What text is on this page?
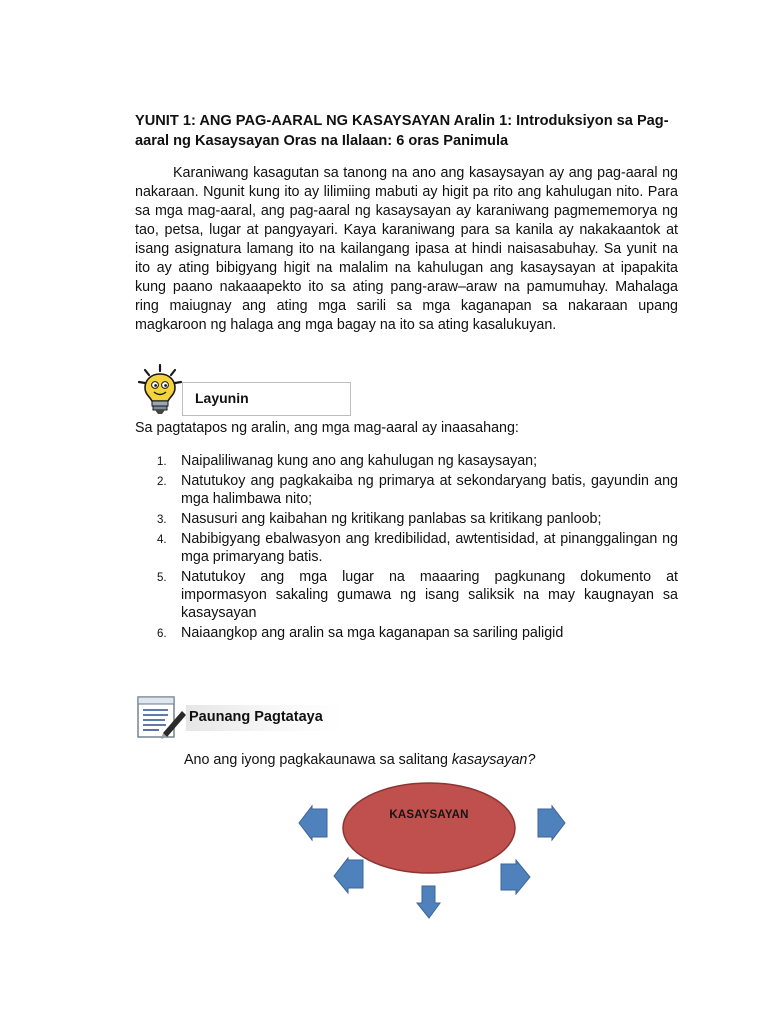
YUNIT 1: ANG PAG-AARAL NG KASAYSAYAN Aralin 1: Introduksiyon sa Pag-aaral ng Kasaysayan Oras na Ilalaan: 6 oras Panimula

Karaniwang kasagutan sa tanong na ano ang kasaysayan ay ang pag-aaral ng nakaraan. Ngunit kung ito ay lilimiing mabuti ay higit pa rito ang kahulugan nito. Para sa mga mag-aaral, ang pag-aaral ng kasaysayan ay karaniwang pagmememorya ng tao, petsa, lugar at pangyayari. Kaya karaniwang para sa kanila ay nakakaantok at isang asignatura lamang ito na kailangang ipasa at hindi naisasabuhay. Sa yunit na ito ay ating bibigyang higit na malalim na kahulugan ang kasaysayan at ipapakita kung paano nakaaapekto ito sa ating pang-araw–araw na pamumuhay. Mahalaga ring maiugnay ang ating mga sarili sa mga kaganapan sa nakaraan upang magkaroon ng halaga ang mga bagay na ito sa ating kasalukuyan.

Layunin
Sa pagtatapos ng aralin, ang mga mag-aaral ay inaasahang:
1. Naipaliliwanag kung ano ang kahulugan ng kasaysayan;
2. Natutukoy ang pagkakaiba ng primarya at sekondaryang batis, gayundin ang mga halimbawa nito;
3. Nasusuri ang kaibahan ng kritikang panlabas sa kritikang panloob;
4. Nabibigyang ebalwasyon ang kredibilidad, awtentisidad, at pinanggalingan ng mga primaryang batis.
5. Natutukoy ang mga lugar na maaaring pagkunang dokumento at impormasyon sakaling gumawa ng isang saliksik na may kaugnayan sa kasaysayan
6. Naiaangkop ang aralin sa mga kaganapan sa sariling paligid
Paunang Pagtataya
Ano ang iyong pagkakaunawa sa salitang kasaysayan?
KASAYSAYAN
